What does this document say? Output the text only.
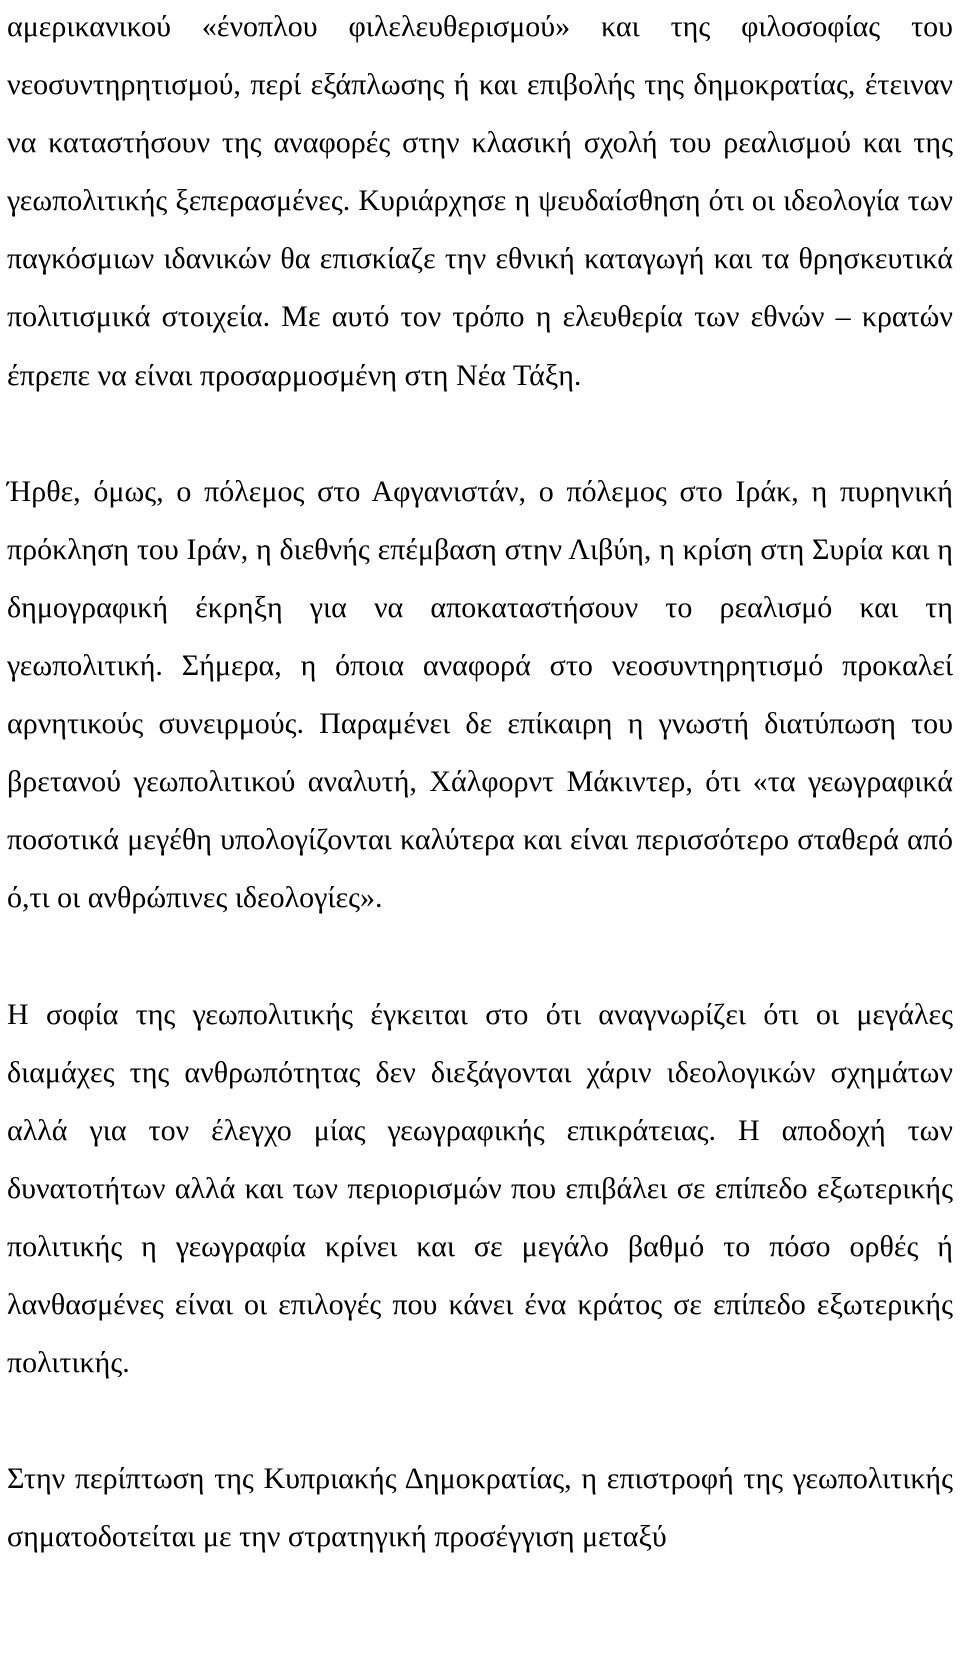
αμερικανικού «ένοπλου φιλελευθερισμού» και της φιλοσοφίας του νεοσυντηρητισμού, περί εξάπλωσης ή και επιβολής της δημοκρατίας, έτειναν να καταστήσουν της αναφορές στην κλασική σχολή του ρεαλισμού και της γεωπολιτικής ξεπερασμένες. Κυριάρχησε η ψευδαίσθηση ότι οι ιδεολογία των παγκόσμιων ιδανικών θα επισκίαζε την εθνική καταγωγή και τα θρησκευτικά πολιτισμικά στοιχεία. Με αυτό τον τρόπο η ελευθερία των εθνών – κρατών έπρεπε να είναι προσαρμοσμένη στη Νέα Τάξη.

Ήρθε, όμως, ο πόλεμος στο Αφγανιστάν, ο πόλεμος στο Ιράκ, η πυρηνική πρόκληση του Ιράν, η διεθνής επέμβαση στην Λιβύη, η κρίση στη Συρία και η δημογραφική έκρηξη για να αποκαταστήσουν το ρεαλισμό και τη γεωπολιτική. Σήμερα, η όποια αναφορά στο νεοσυντηρητισμό προκαλεί αρνητικούς συνειρμούς. Παραμένει δε επίκαιρη η γνωστή διατύπωση του βρετανού γεωπολιτικού αναλυτή, Χάλφορντ Μάκιντερ, ότι «τα γεωγραφικά ποσοτικά μεγέθη υπολογίζονται καλύτερα και είναι περισσότερο σταθερά από ό,τι οι ανθρώπινες ιδεολογίες».

Η σοφία της γεωπολιτικής έγκειται στο ότι αναγνωρίζει ότι οι μεγάλες διαμάχες της ανθρωπότητας δεν διεξάγονται χάριν ιδεολογικών σχημάτων αλλά για τον έλεγχο μίας γεωγραφικής επικράτειας. Η αποδοχή των δυνατοτήτων αλλά και των περιορισμών που επιβάλει σε επίπεδο εξωτερικής πολιτικής η γεωγραφία κρίνει και σε μεγάλο βαθμό το πόσο ορθές ή λανθασμένες είναι οι επιλογές που κάνει ένα κράτος σε επίπεδο εξωτερικής πολιτικής.

Στην περίπτωση της Κυπριακής Δημοκρατίας, η επιστροφή της γεωπολιτικής σηματοδοτείται με την στρατηγική προσέγγιση μεταξύ
